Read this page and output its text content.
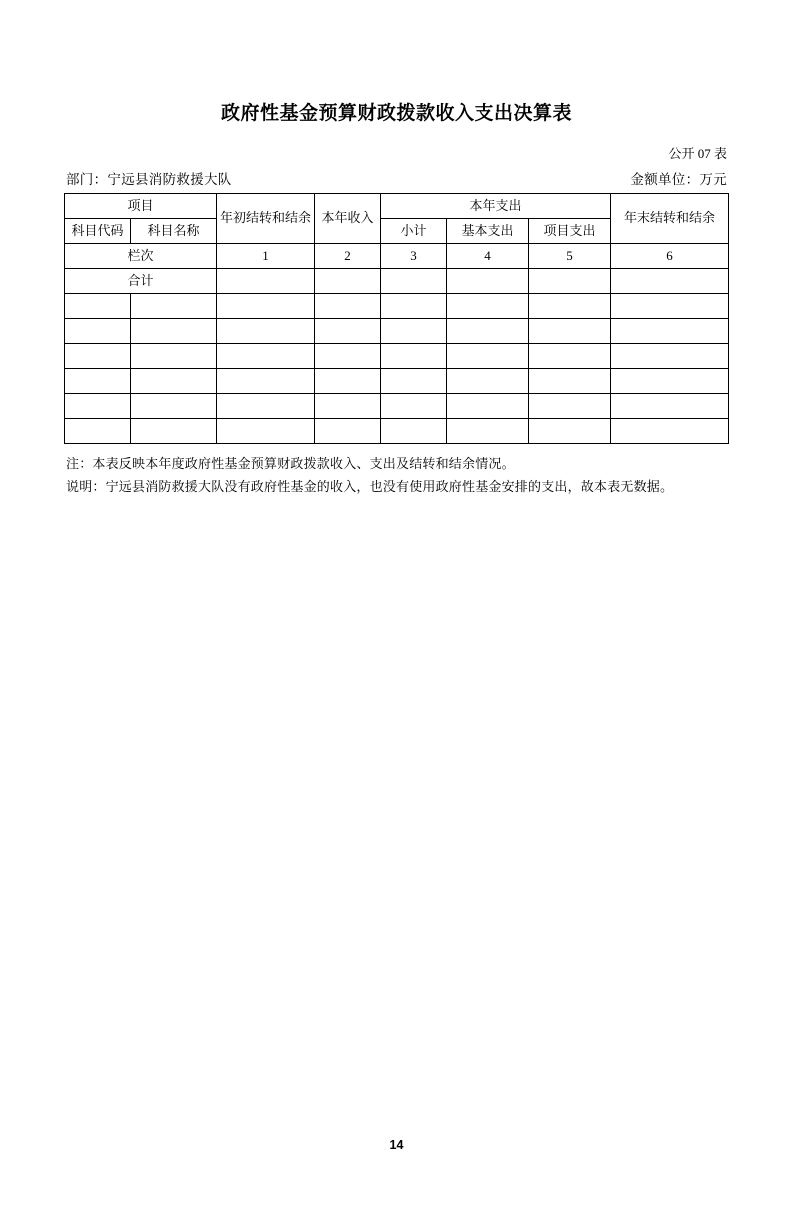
政府性基金预算财政拨款收入支出决算表
公开 07 表
部门：宁远县消防救援大队	金额单位：万元
项目		年初结转和结余	本年收入	本年支出			年末结转和结余
科目代码	科目名称			小计	基本支出	项目支出	
栏次		1	2	3	4	5	6
合计							

注：本表反映本年度政府性基金预算财政拨款收入、支出及结转和结余情况。
说明：宁远县消防救援大队没有政府性基金的收入，也没有使用政府性基金安排的支出，故本表无数据。
14
